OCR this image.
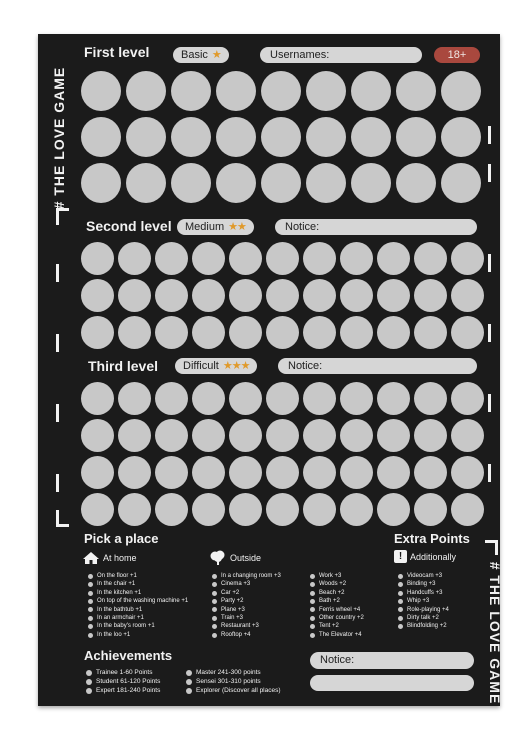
# THE LOVE GAME
# THE LOVE GAME
First level	Basic ★	Usernames:	18+
Second level	Medium ★★	Notice:
Third level	Difficult ★★★	Notice:
Pick a place
At home
On the floor +1
In the chair +1
In the kitchen +1
On top of the washing machine +1
In the bathtub +1
In an armchair +1
In the baby's room +1
In the loo +1
Outside
In a changing room +3
Cinema +3
Car +2
Party +2
Plane +3
Train +3
Restaurant +3
Rooftop +4
Work +3
Woods +2
Beach +2
Bath +2
Ferris wheel +4
Other country +2
Tent +2
The Elevator +4
Extra Points
! Additionally
Videocam +3
Binding +3
Handcuffs +3
Whip +3
Role-playing +4
Dirty talk +2
Blindfolding +2
Achievements
Trainee 1-60 Points
Student 61-120 Points
Expert 181-240 Points
Master 241-300 points
Sensei 301-310 points
Explorer (Discover all places)
Notice:
